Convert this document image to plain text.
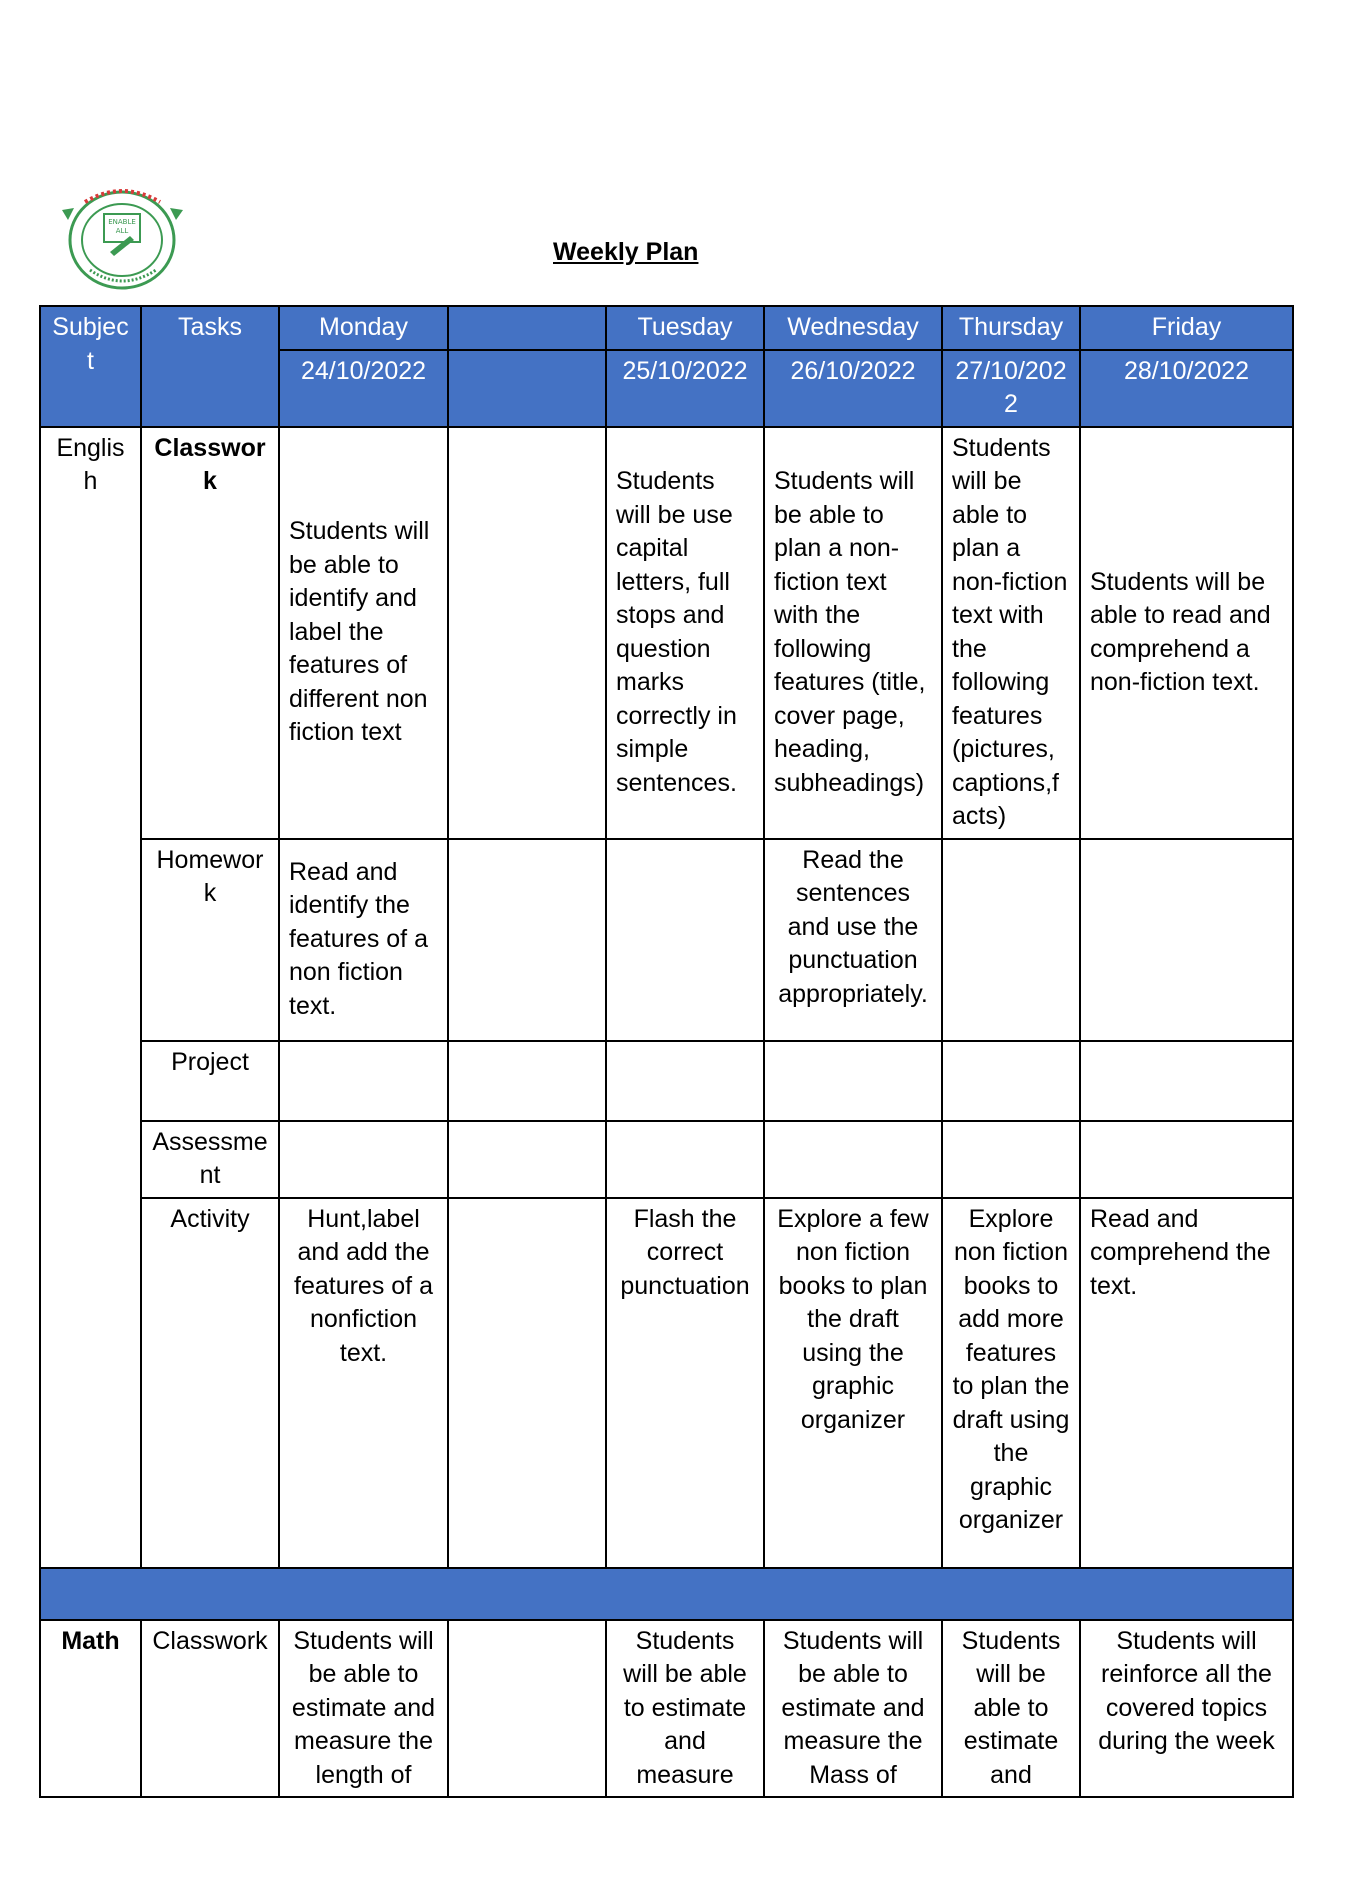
ENABLE
ALL
Weekly Plan
Subject	Tasks	Monday		Tuesday	Wednesday	Thursday	Friday
		24/10/2022		25/10/2022	26/10/2022	27/10/2022	28/10/2022
English	Classwork	Students will be able to identify and label the features of different non fiction text		Students will be use capital letters, full stops and question marks correctly in simple sentences.	Students will be able to plan a non-fiction text with the following features (title, cover page, heading, subheadings)	Students will be able to plan a non-fiction text with the following features (pictures, captions,facts)	Students will be able to read and comprehend a non-fiction text.
	Homework	Read and identify the features of a non fiction text.			Read the sentences and use the punctuation appropriately.		
	Project						
	Assessment						
	Activity	Hunt,label and add the features of a nonfiction text.		Flash the correct punctuation	Explore a few non fiction books to plan the draft using the graphic organizer	Explore non fiction books to add more features to plan the draft using the graphic organizer	Read and comprehend the text.

Math	Classwork	Students will be able to estimate and measure the length of		Students will be able to estimate and measure	Students will be able to estimate and measure the Mass of	Students will be able to estimate and	Students will reinforce all the covered topics during the week
